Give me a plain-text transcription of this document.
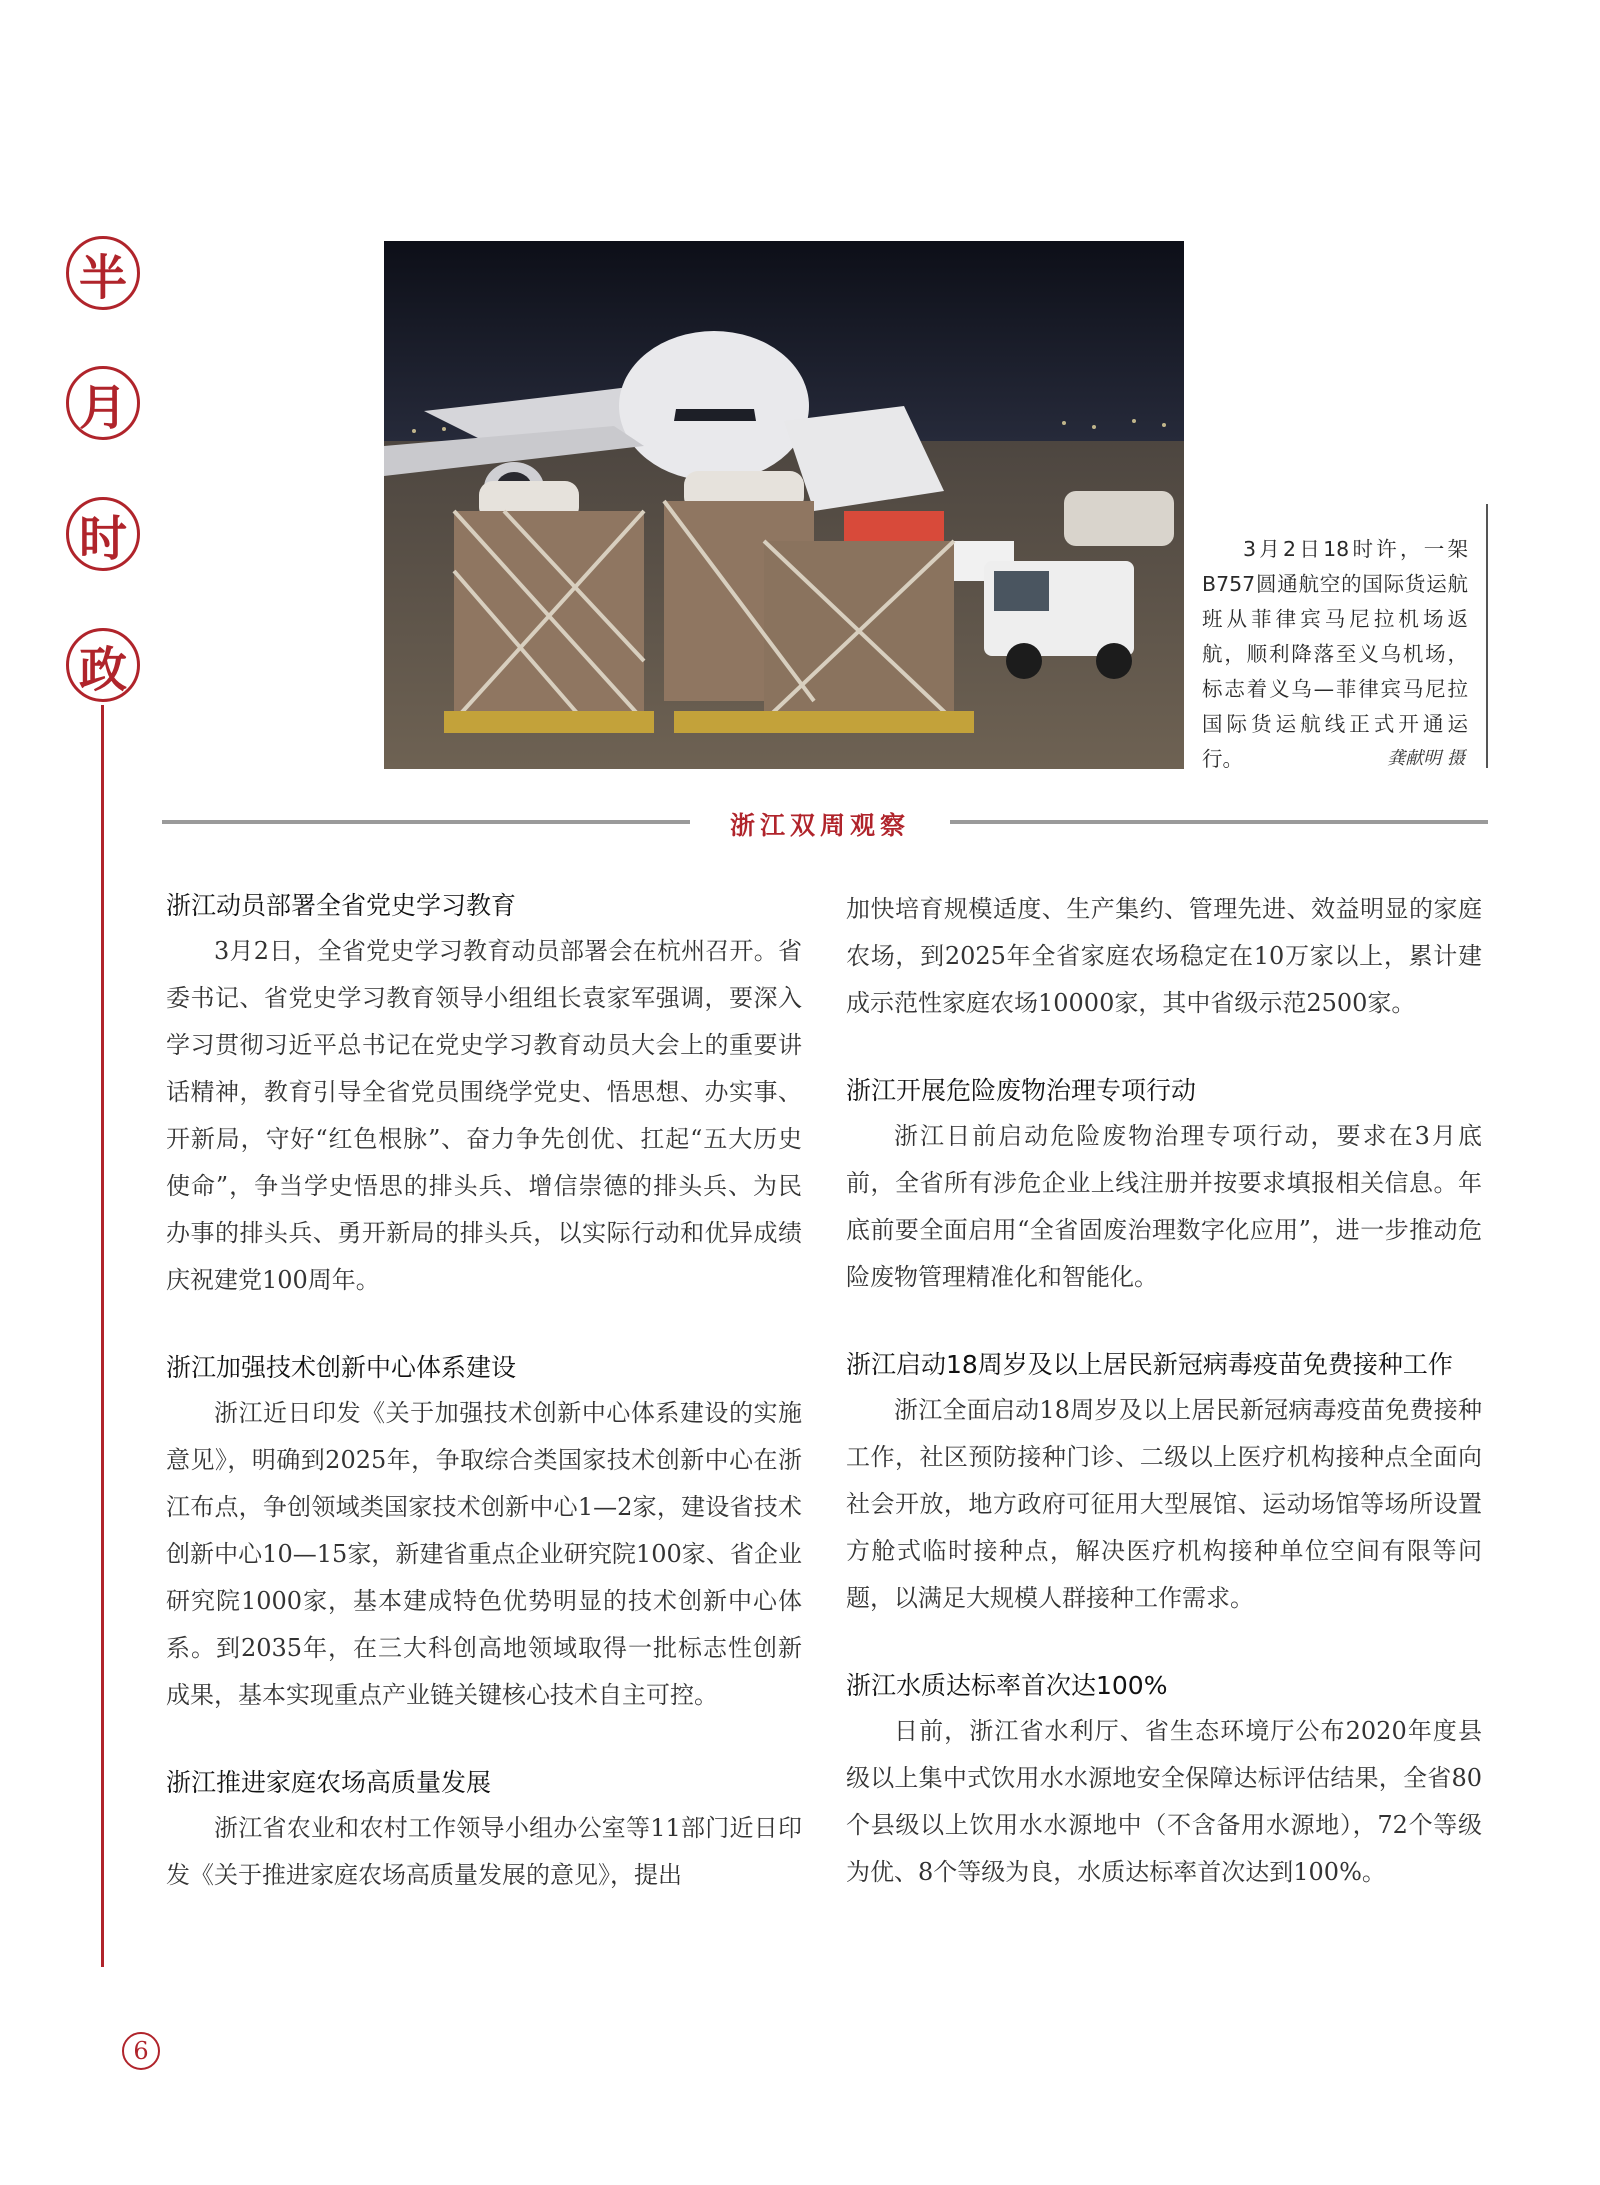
半
月
时
政
3月2日18时许，一架B757圆通航空的国际货运航班从菲律宾马尼拉机场返航，顺利降落至义乌机场，标志着义乌—菲律宾马尼拉国际货运航线正式开通运行。	龚献明 摄
浙江双周观察
浙江动员部署全省党史学习教育

3月2日，全省党史学习教育动员部署会在杭州召开。省委书记、省党史学习教育领导小组组长袁家军强调，要深入学习贯彻习近平总书记在党史学习教育动员大会上的重要讲话精神，教育引导全省党员围绕学党史、悟思想、办实事、开新局，守好“红色根脉”、奋力争先创优、扛起“五大历史使命”，争当学史悟思的排头兵、增信崇德的排头兵、为民办事的排头兵、勇开新局的排头兵，以实际行动和优异成绩庆祝建党100周年。

浙江加强技术创新中心体系建设

浙江近日印发《关于加强技术创新中心体系建设的实施意见》，明确到2025年，争取综合类国家技术创新中心在浙江布点，争创领域类国家技术创新中心1—2家，建设省技术创新中心10—15家，新建省重点企业研究院100家、省企业研究院1000家，基本建成特色优势明显的技术创新中心体系。到2035年，在三大科创高地领域取得一批标志性创新成果，基本实现重点产业链关键核心技术自主可控。

浙江推进家庭农场高质量发展

浙江省农业和农村工作领导小组办公室等11部门近日印发《关于推进家庭农场高质量发展的意见》，提出

加快培育规模适度、生产集约、管理先进、效益明显的家庭农场，到2025年全省家庭农场稳定在10万家以上，累计建成示范性家庭农场10000家，其中省级示范2500家。

浙江开展危险废物治理专项行动

浙江日前启动危险废物治理专项行动，要求在3月底前，全省所有涉危企业上线注册并按要求填报相关信息。年底前要全面启用“全省固废治理数字化应用”，进一步推动危险废物管理精准化和智能化。

浙江启动18周岁及以上居民新冠病毒疫苗免费接种工作

浙江全面启动18周岁及以上居民新冠病毒疫苗免费接种工作，社区预防接种门诊、二级以上医疗机构接种点全面向社会开放，地方政府可征用大型展馆、运动场馆等场所设置方舱式临时接种点，解决医疗机构接种单位空间有限等问题，以满足大规模人群接种工作需求。

浙江水质达标率首次达100%

日前，浙江省水利厅、省生态环境厅公布2020年度县级以上集中式饮用水水源地安全保障达标评估结果，全省80个县级以上饮用水水源地中（不含备用水源地），72个等级为优、8个等级为良，水质达标率首次达到100%。

6
